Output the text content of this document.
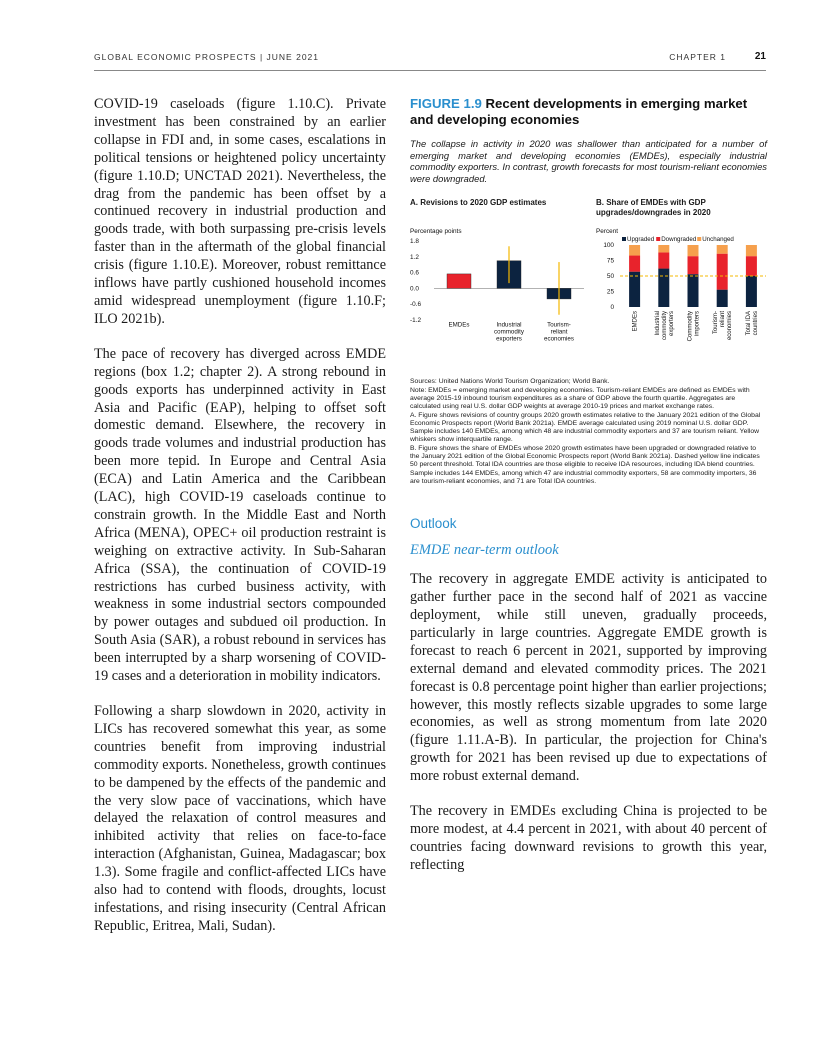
GLOBAL ECONOMIC PROSPECTS | JUNE 2021	CHAPTER 1	21

COVID-19 caseloads (figure 1.10.C). Private investment has been constrained by an earlier collapse in FDI and, in some cases, escalations in political tensions or heightened policy uncertainty (figure 1.10.D; UNCTAD 2021). Nevertheless, the drag from the pandemic has been offset by a continued recovery in industrial production and goods trade, with both surpassing pre-crisis levels faster than in the aftermath of the global financial crisis (figure 1.10.E). Moreover, robust remittance inflows have partly cushioned household incomes amid widespread unemployment (figure 1.10.F; ILO 2021b).

The pace of recovery has diverged across EMDE regions (box 1.2; chapter 2). A strong rebound in goods exports has underpinned activity in East Asia and Pacific (EAP), helping to offset soft domestic demand. Elsewhere, the recovery in goods trade volumes and industrial production has been more tepid. In Europe and Central Asia (ECA) and Latin America and the Caribbean (LAC), high COVID-19 caseloads continue to constrain growth. In the Middle East and North Africa (MENA), OPEC+ oil production restraint is weighing on extractive activity. In Sub-Saharan Africa (SSA), the continuation of COVID-19 restrictions has curbed business activity, with weakness in some industrial sectors compounded by power outages and subdued oil production. In South Asia (SAR), a robust rebound in services has been interrupted by a sharp worsening of COVID-19 cases and a deterioration in mobility indicators.

Following a sharp slowdown in 2020, activity in LICs has recovered somewhat this year, as some countries benefit from improving industrial commodity exports. Nonetheless, growth continues to be dampened by the effects of the pandemic and the very slow pace of vaccinations, which have delayed the relaxation of control measures and inhibited activity that relies on face-to-face interaction (Afghanistan, Guinea, Madagascar; box 1.3). Some fragile and conflict-affected LICs have also had to contend with floods, droughts, locust infestations, and rising insecurity (Central African Republic, Eritrea, Mali, Sudan).

FIGURE 1.9 Recent developments in emerging market and developing economies

The collapse in activity in 2020 was shallower than anticipated for a number of emerging market and developing economies (EMDEs), especially industrial commodity exporters. In contrast, growth forecasts for most tourism-reliant economies were downgraded.

A. Revisions to 2020 GDP estimates
Percentage points
1.8
1.2
0.6
0.0
-0.6
-1.2
EMDEs	Industrial commodity exporters
Tourism-reliant economies
B. Share of EMDEs with GDP upgrades/downgrades in 2020
Percent
100
75
50
25
0
Upgraded Downgraded Unchanged
EMDEs	Industrialcommodityexporters Commodityimporters Tourism-relianteconomies Total IDAcountries

Sources: United Nations World Tourism Organization; World Bank.

Note: EMDEs = emerging market and developing economies. Tourism-reliant EMDEs are defined as EMDEs with average 2015-19 inbound tourism expenditures as a share of GDP above the fourth quartile. Aggregates are calculated using real U.S. dollar GDP weights at average 2010-19 prices and market exchange rates.

A. Figure shows revisions of country groups 2020 growth estimates relative to the January 2021 edition of the Global Economic Prospects report (World Bank 2021a). EMDE average calculated using 2019 nominal U.S. dollar GDP. Sample includes 140 EMDEs, among which 48 are industrial commodity exporters and 37 are tourism reliant. Yellow whiskers show interquartile range.

B. Figure shows the share of EMDEs whose 2020 growth estimates have been upgraded or downgraded relative to the January 2021 edition of the Global Economic Prospects report (World Bank 2021a). Dashed yellow line indicates 50 percent threshold. Total IDA countries are those eligible to receive IDA resources, including IDA blend countries. Sample includes 144 EMDEs, among which 47 are industrial commodity exporters, 58 are commodity importers, 36 are tourism-reliant economies, and 71 are Total IDA countries.

Outlook
EMDE near-term outlook

The recovery in aggregate EMDE activity is anticipated to gather further pace in the second half of 2021 as vaccine deployment, while still uneven, gradually proceeds, particularly in large countries. Aggregate EMDE growth is forecast to reach 6 percent in 2021, supported by improving external demand and elevated commodity prices. The 2021 forecast is 0.8 percentage point higher than earlier projections; however, this mostly reflects sizable upgrades to some large economies, as well as strong momentum from late 2020 (figure 1.11.A-B). In particular, the projection for China's growth for 2021 has been revised up due to expectations of more robust external demand.

The recovery in EMDEs excluding China is projected to be more modest, at 4.4 percent in 2021, with about 40 percent of countries facing downward revisions to growth this year, reflecting
